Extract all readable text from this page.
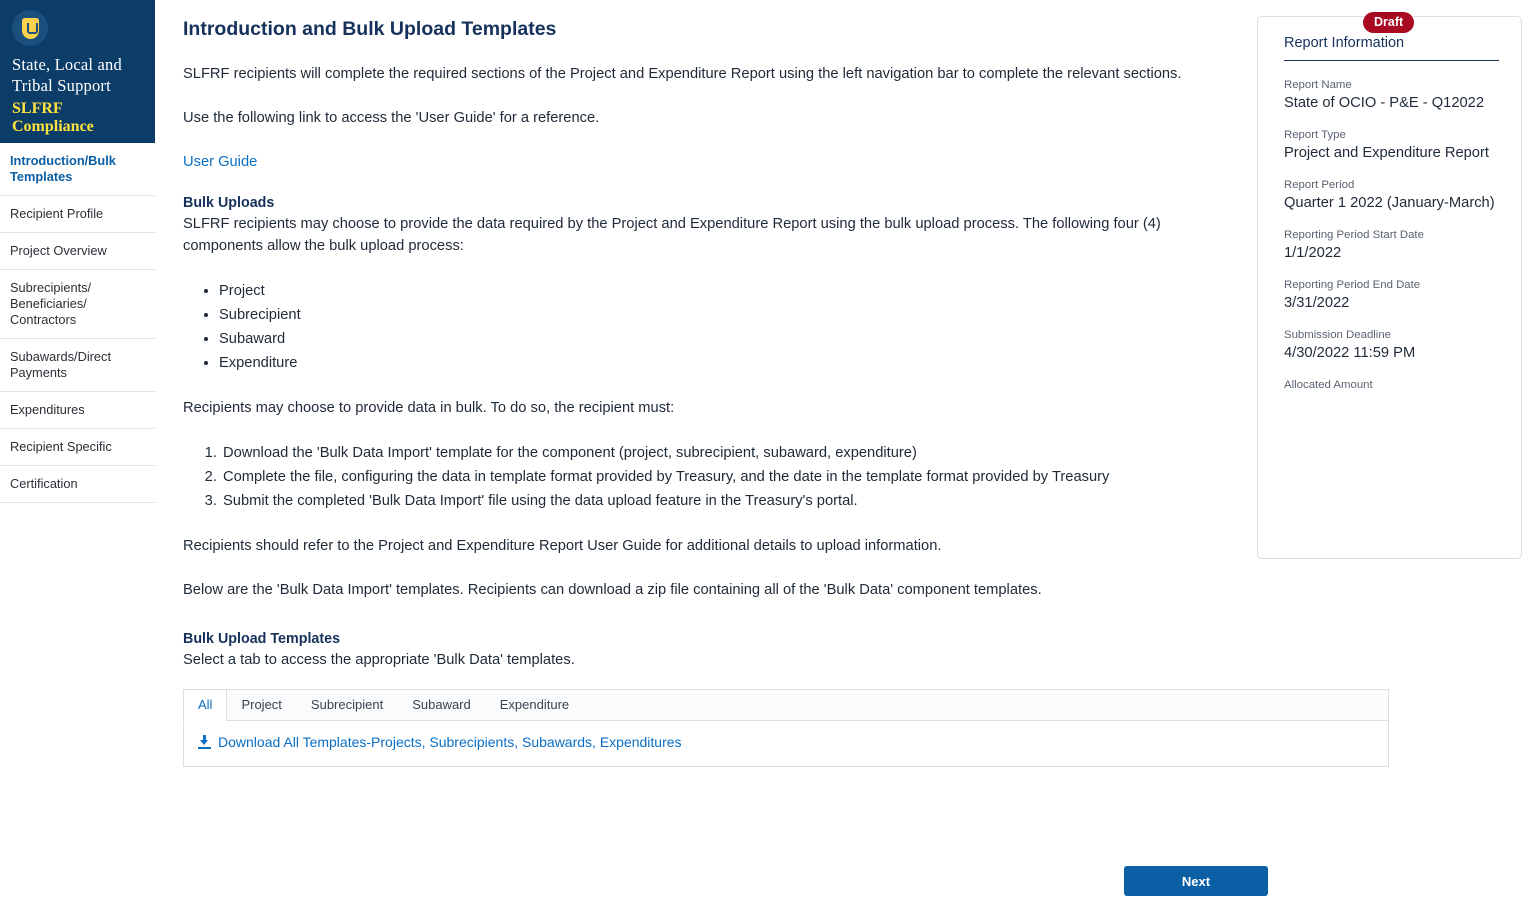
State, Local and Tribal Support
SLFRF Compliance
Introduction/Bulk Templates
Recipient Profile
Project Overview
Subrecipients/ Beneficiaries/ Contractors
Subawards/Direct Payments
Expenditures
Recipient Specific
Certification
Introduction and Bulk Upload Templates

SLFRF recipients will complete the required sections of the Project and Expenditure Report using the left navigation bar to complete the relevant sections.

Use the following link to access the 'User Guide' for a reference.

User Guide

Bulk Uploads

SLFRF recipients may choose to provide the data required by the Project and Expenditure Report using the bulk upload process. The following four (4) components allow the bulk upload process:

• Project
• Subrecipient
• Subaward
• Expenditure

Recipients may choose to provide data in bulk. To do so, the recipient must:

1. Download the 'Bulk Data Import' template for the component (project, subrecipient, subaward, expenditure)
2. Complete the file, configuring the data in template format provided by Treasury, and the date in the template format provided by Treasury
3. Submit the completed 'Bulk Data Import' file using the data upload feature in the Treasury's portal.

Recipients should refer to the Project and Expenditure Report User Guide for additional details to upload information.

Below are the 'Bulk Data Import' templates. Recipients can download a zip file containing all of the 'Bulk Data' component templates.

Bulk Upload Templates

Select a tab to access the appropriate 'Bulk Data' templates.

All	Project	Subrecipient	Subaward	Expenditure
Download All Templates-Projects, Subrecipients, Subawards, Expenditures
Next
Draft
Report Information
Report Name
State of OCIO - P&E - Q12022
Report Type
Project and Expenditure Report
Report Period
Quarter 1 2022 (January-March)
Reporting Period Start Date
1/1/2022
Reporting Period End Date
3/31/2022
Submission Deadline
4/30/2022 11:59 PM
Allocated Amount
